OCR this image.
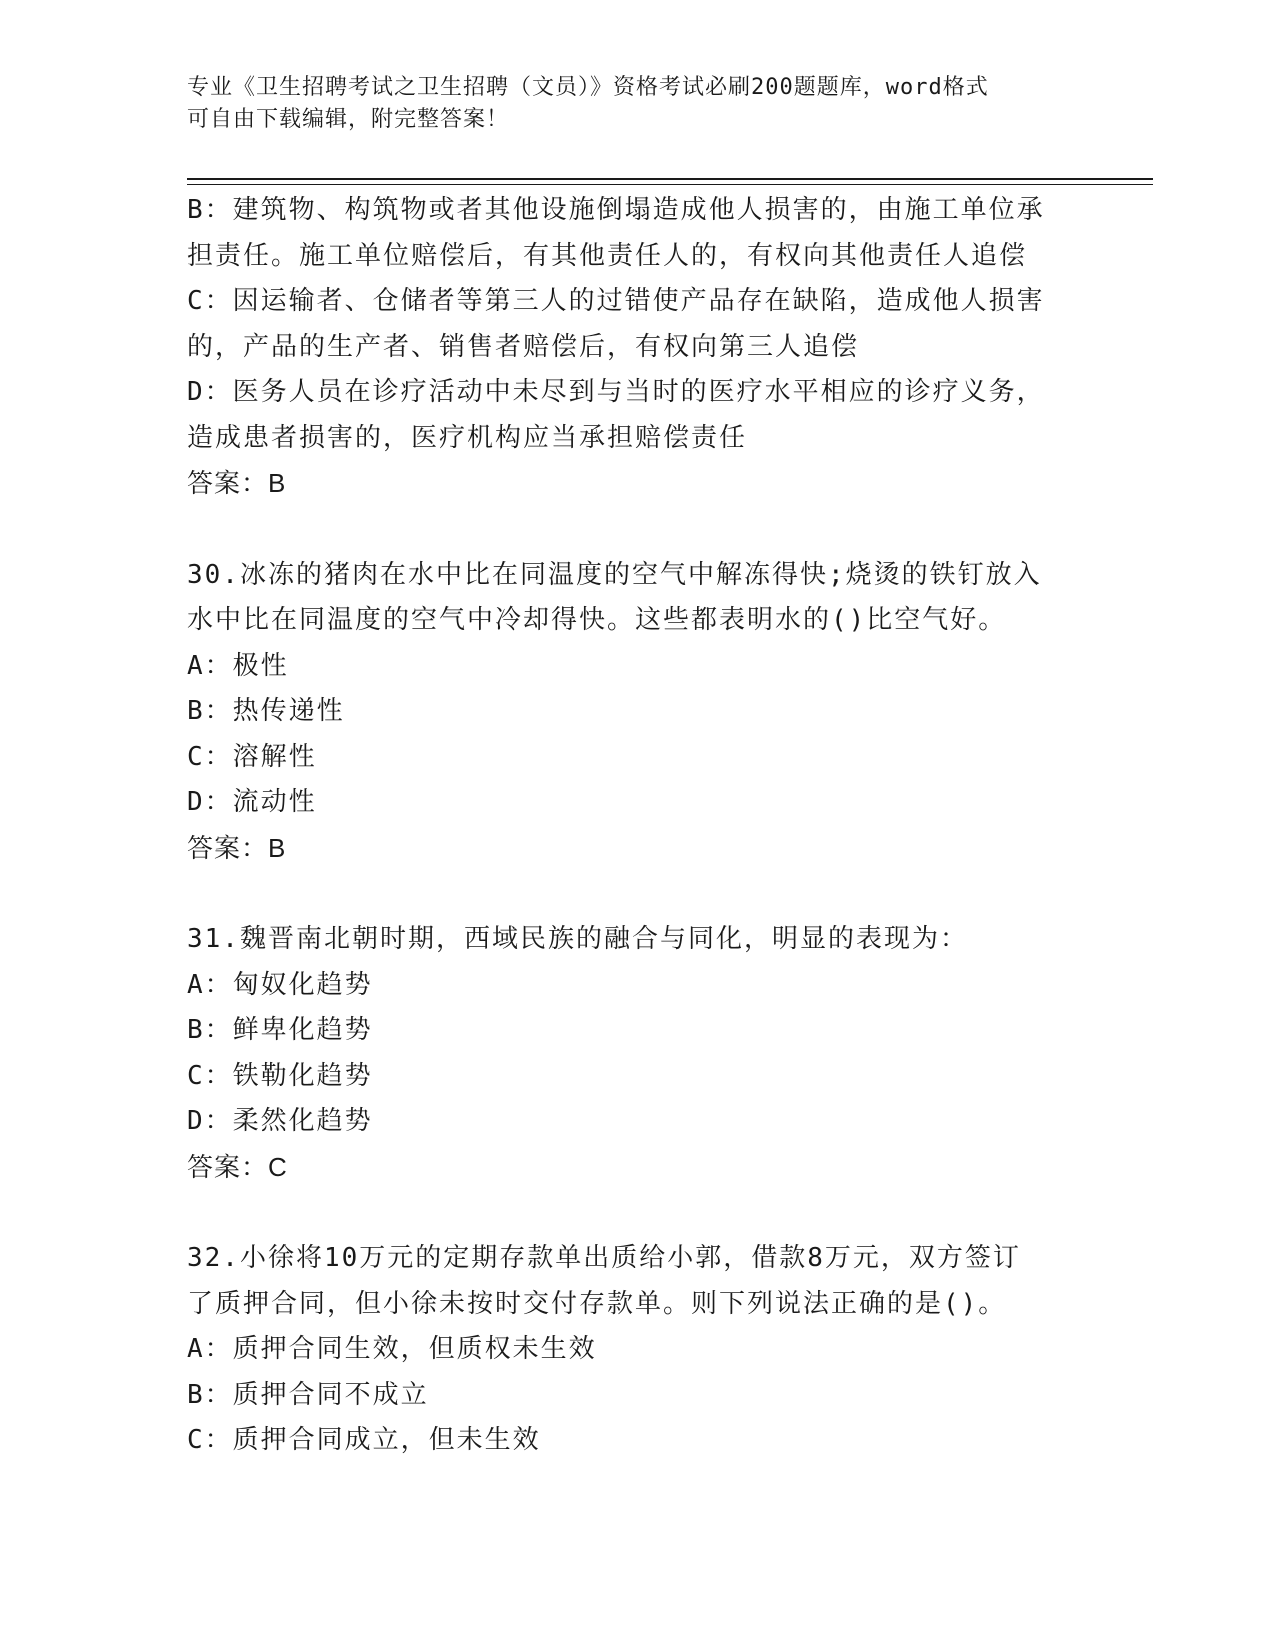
专业《卫生招聘考试之卫生招聘（文员）》资格考试必刷200题题库，word格式
可自由下载编辑，附完整答案！
B：建筑物、构筑物或者其他设施倒塌造成他人损害的，由施工单位承
担责任。施工单位赔偿后，有其他责任人的，有权向其他责任人追偿
C：因运输者、仓储者等第三人的过错使产品存在缺陷，造成他人损害
的，产品的生产者、销售者赔偿后，有权向第三人追偿
D：医务人员在诊疗活动中未尽到与当时的医疗水平相应的诊疗义务，
造成患者损害的，医疗机构应当承担赔偿责任
答案：B
30.冰冻的猪肉在水中比在同温度的空气中解冻得快;烧烫的铁钉放入
水中比在同温度的空气中冷却得快。这些都表明水的()比空气好。
A：极性
B：热传递性
C：溶解性
D：流动性
答案：B
31.魏晋南北朝时期，西域民族的融合与同化，明显的表现为：
A：匈奴化趋势
B：鲜卑化趋势
C：铁勒化趋势
D：柔然化趋势
答案：C
32.小徐将10万元的定期存款单出质给小郭，借款8万元，双方签订
了质押合同，但小徐未按时交付存款单。则下列说法正确的是()。
A：质押合同生效，但质权未生效
B：质押合同不成立
C：质押合同成立，但未生效
